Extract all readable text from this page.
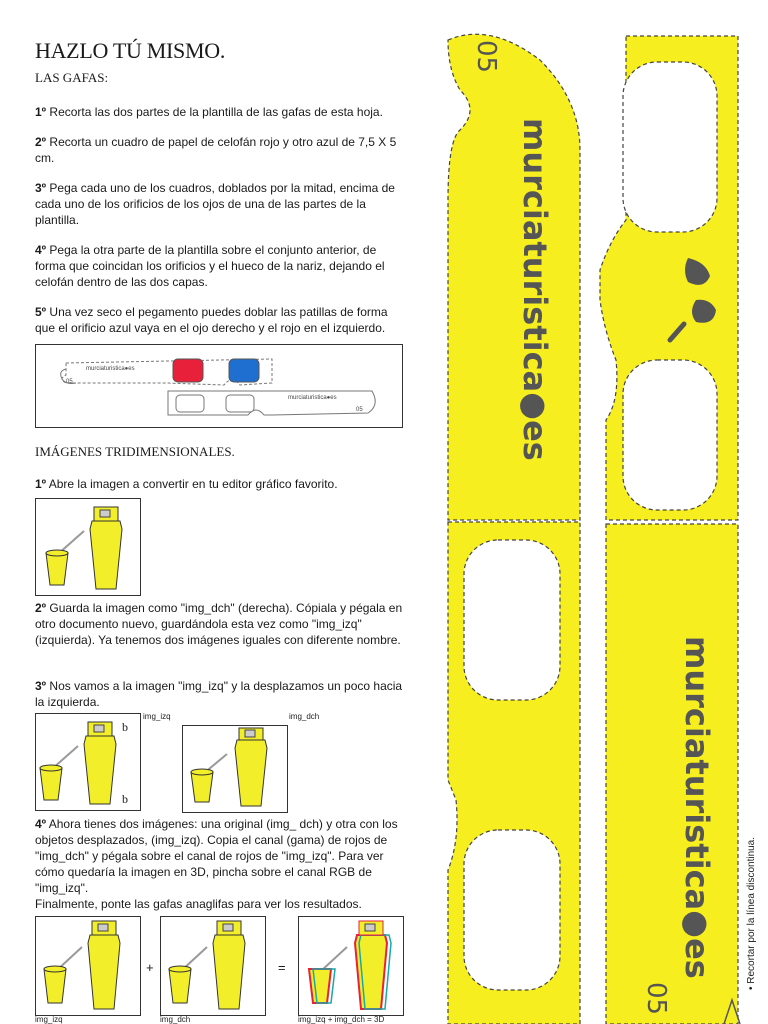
HAZLO TÚ MISMO.
LAS GAFAS:

1º Recorta las dos partes de la plantilla de las gafas de esta hoja.

2º Recorta un cuadro de papel de celofán rojo y otro azul de 7,5 X 5 cm.

3º Pega cada uno de los cuadros, doblados por la mitad, encima de cada uno de los orificios de los ojos de una de las partes de la plantilla.

4º Pega la otra parte de la plantilla sobre el conjunto anterior, de forma que coincidan los orificios y el hueco de la nariz, dejando el celofán dentro de las dos capas.

5º Una vez seco el pegamento puedes doblar las patillas de forma que el orificio azul vaya en el ojo derecho y el rojo en el izquierdo.

murciaturistica●es
05
murciaturistica●es
05
IMÁGENES TRIDIMENSIONALES.

1º Abre la imagen a convertir en tu editor gráfico favorito.

2º Guarda la imagen como "img_dch" (derecha). Cópiala y pégala en otro documento nuevo, guardándola esta vez como "img_izq" (izquierda). Ya tenemos dos imágenes iguales con diferente nombre.

3º Nos vamos a la imagen "img_izq" y la desplazamos un poco hacia la izquierda.

b
b
img_izq	img_dch

4º Ahora tienes dos imágenes: una original (img_ dch) y otra con los objetos desplazados, (img_izq). Copia el canal (gama) de rojos de "img_dch" y pégala sobre el canal de rojos de "img_izq". Para ver cómo quedaría la imagen en 3D, pincha sobre el canal RGB de "img_izq".
Finalmente, ponte las gafas anaglifas para ver los resultados.

+	=
img_izq	img_dch	img_izq + img_dch = 3D
05
05
murciaturistica●es
murciaturistica●es	• Recortar por la línea discontinua.
